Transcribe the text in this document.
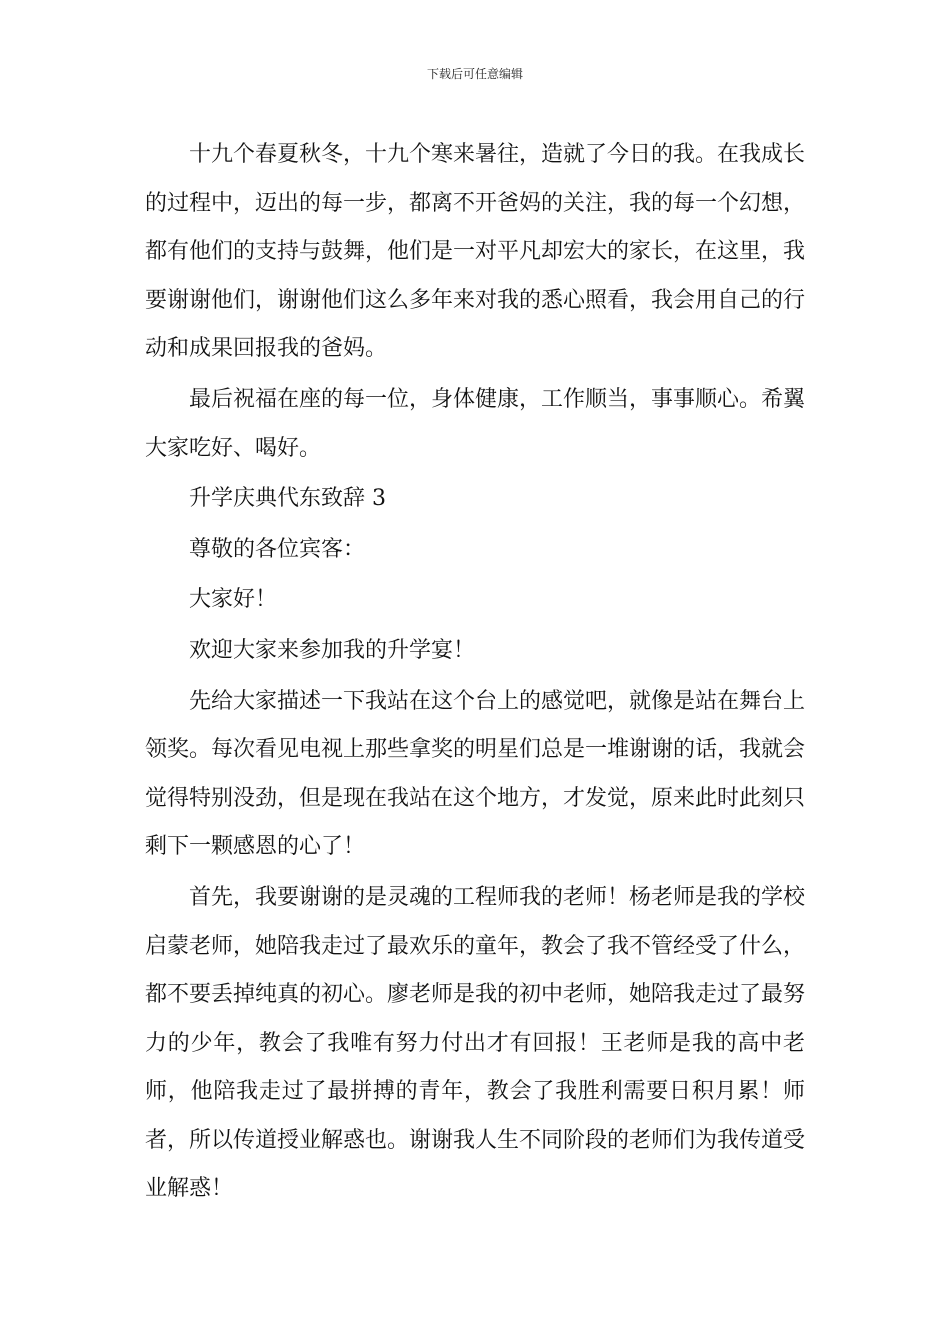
下载后可任意编辑

十九个春夏秋冬，十九个寒来暑往，造就了今日的我。在我成长的过程中，迈出的每一步，都离不开爸妈的关注，我的每一个幻想，都有他们的支持与鼓舞，他们是一对平凡却宏大的家长，在这里，我要谢谢他们，谢谢他们这么多年来对我的悉心照看，我会用自己的行动和成果回报我的爸妈。

最后祝福在座的每一位，身体健康，工作顺当，事事顺心。希翼大家吃好、喝好。

升学庆典代东致辞 3

尊敬的各位宾客：

大家好！

欢迎大家来参加我的升学宴！

先给大家描述一下我站在这个台上的感觉吧，就像是站在舞台上领奖。每次看见电视上那些拿奖的明星们总是一堆谢谢的话，我就会觉得特别没劲，但是现在我站在这个地方，才发觉，原来此时此刻只剩下一颗感恩的心了！

首先，我要谢谢的是灵魂的工程师我的老师！杨老师是我的学校启蒙老师，她陪我走过了最欢乐的童年，教会了我不管经受了什么，都不要丢掉纯真的初心。廖老师是我的初中老师，她陪我走过了最努力的少年，教会了我唯有努力付出才有回报！王老师是我的高中老师，他陪我走过了最拼搏的青年，教会了我胜利需要日积月累！师者，所以传道授业解惑也。谢谢我人生不同阶段的老师们为我传道受业解惑！
